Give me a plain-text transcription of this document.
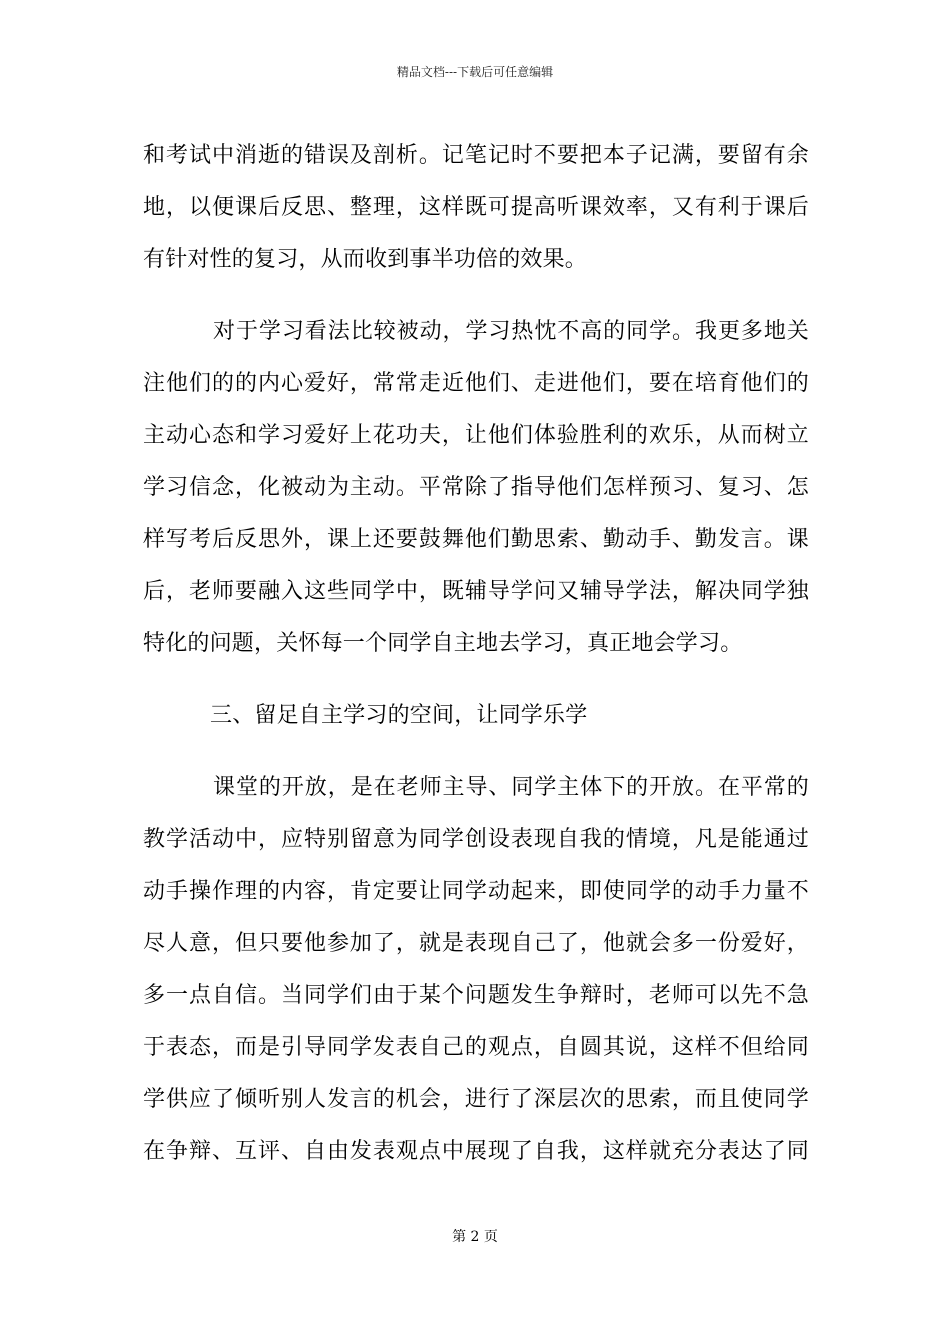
精品文档---下载后可任意编辑
和考试中消逝的错误及剖析。记笔记时不要把本子记满，要留有余
地，以便课后反思、整理，这样既可提高听课效率，又有利于课后
有针对性的复习，从而收到事半功倍的效果。
对于学习看法比较被动，学习热忱不高的同学。我更多地关
注他们的的内心爱好，常常走近他们、走进他们，要在培育他们的
主动心态和学习爱好上花功夫，让他们体验胜利的欢乐，从而树立
学习信念，化被动为主动。平常除了指导他们怎样预习、复习、怎
样写考后反思外，课上还要鼓舞他们勤思索、勤动手、勤发言。课
后，老师要融入这些同学中，既辅导学问又辅导学法，解决同学独
特化的问题，关怀每一个同学自主地去学习，真正地会学习。
三、留足自主学习的空间，让同学乐学
课堂的开放，是在老师主导、同学主体下的开放。在平常的
教学活动中，应特别留意为同学创设表现自我的情境，凡是能通过
动手操作理的内容，肯定要让同学动起来，即使同学的动手力量不
尽人意，但只要他参加了，就是表现自己了，他就会多一份爱好，
多一点自信。当同学们由于某个问题发生争辩时，老师可以先不急
于表态，而是引导同学发表自己的观点，自圆其说，这样不但给同
学供应了倾听别人发言的机会，进行了深层次的思索，而且使同学
在争辩、互评、自由发表观点中展现了自我，这样就充分表达了同
第 2 页
